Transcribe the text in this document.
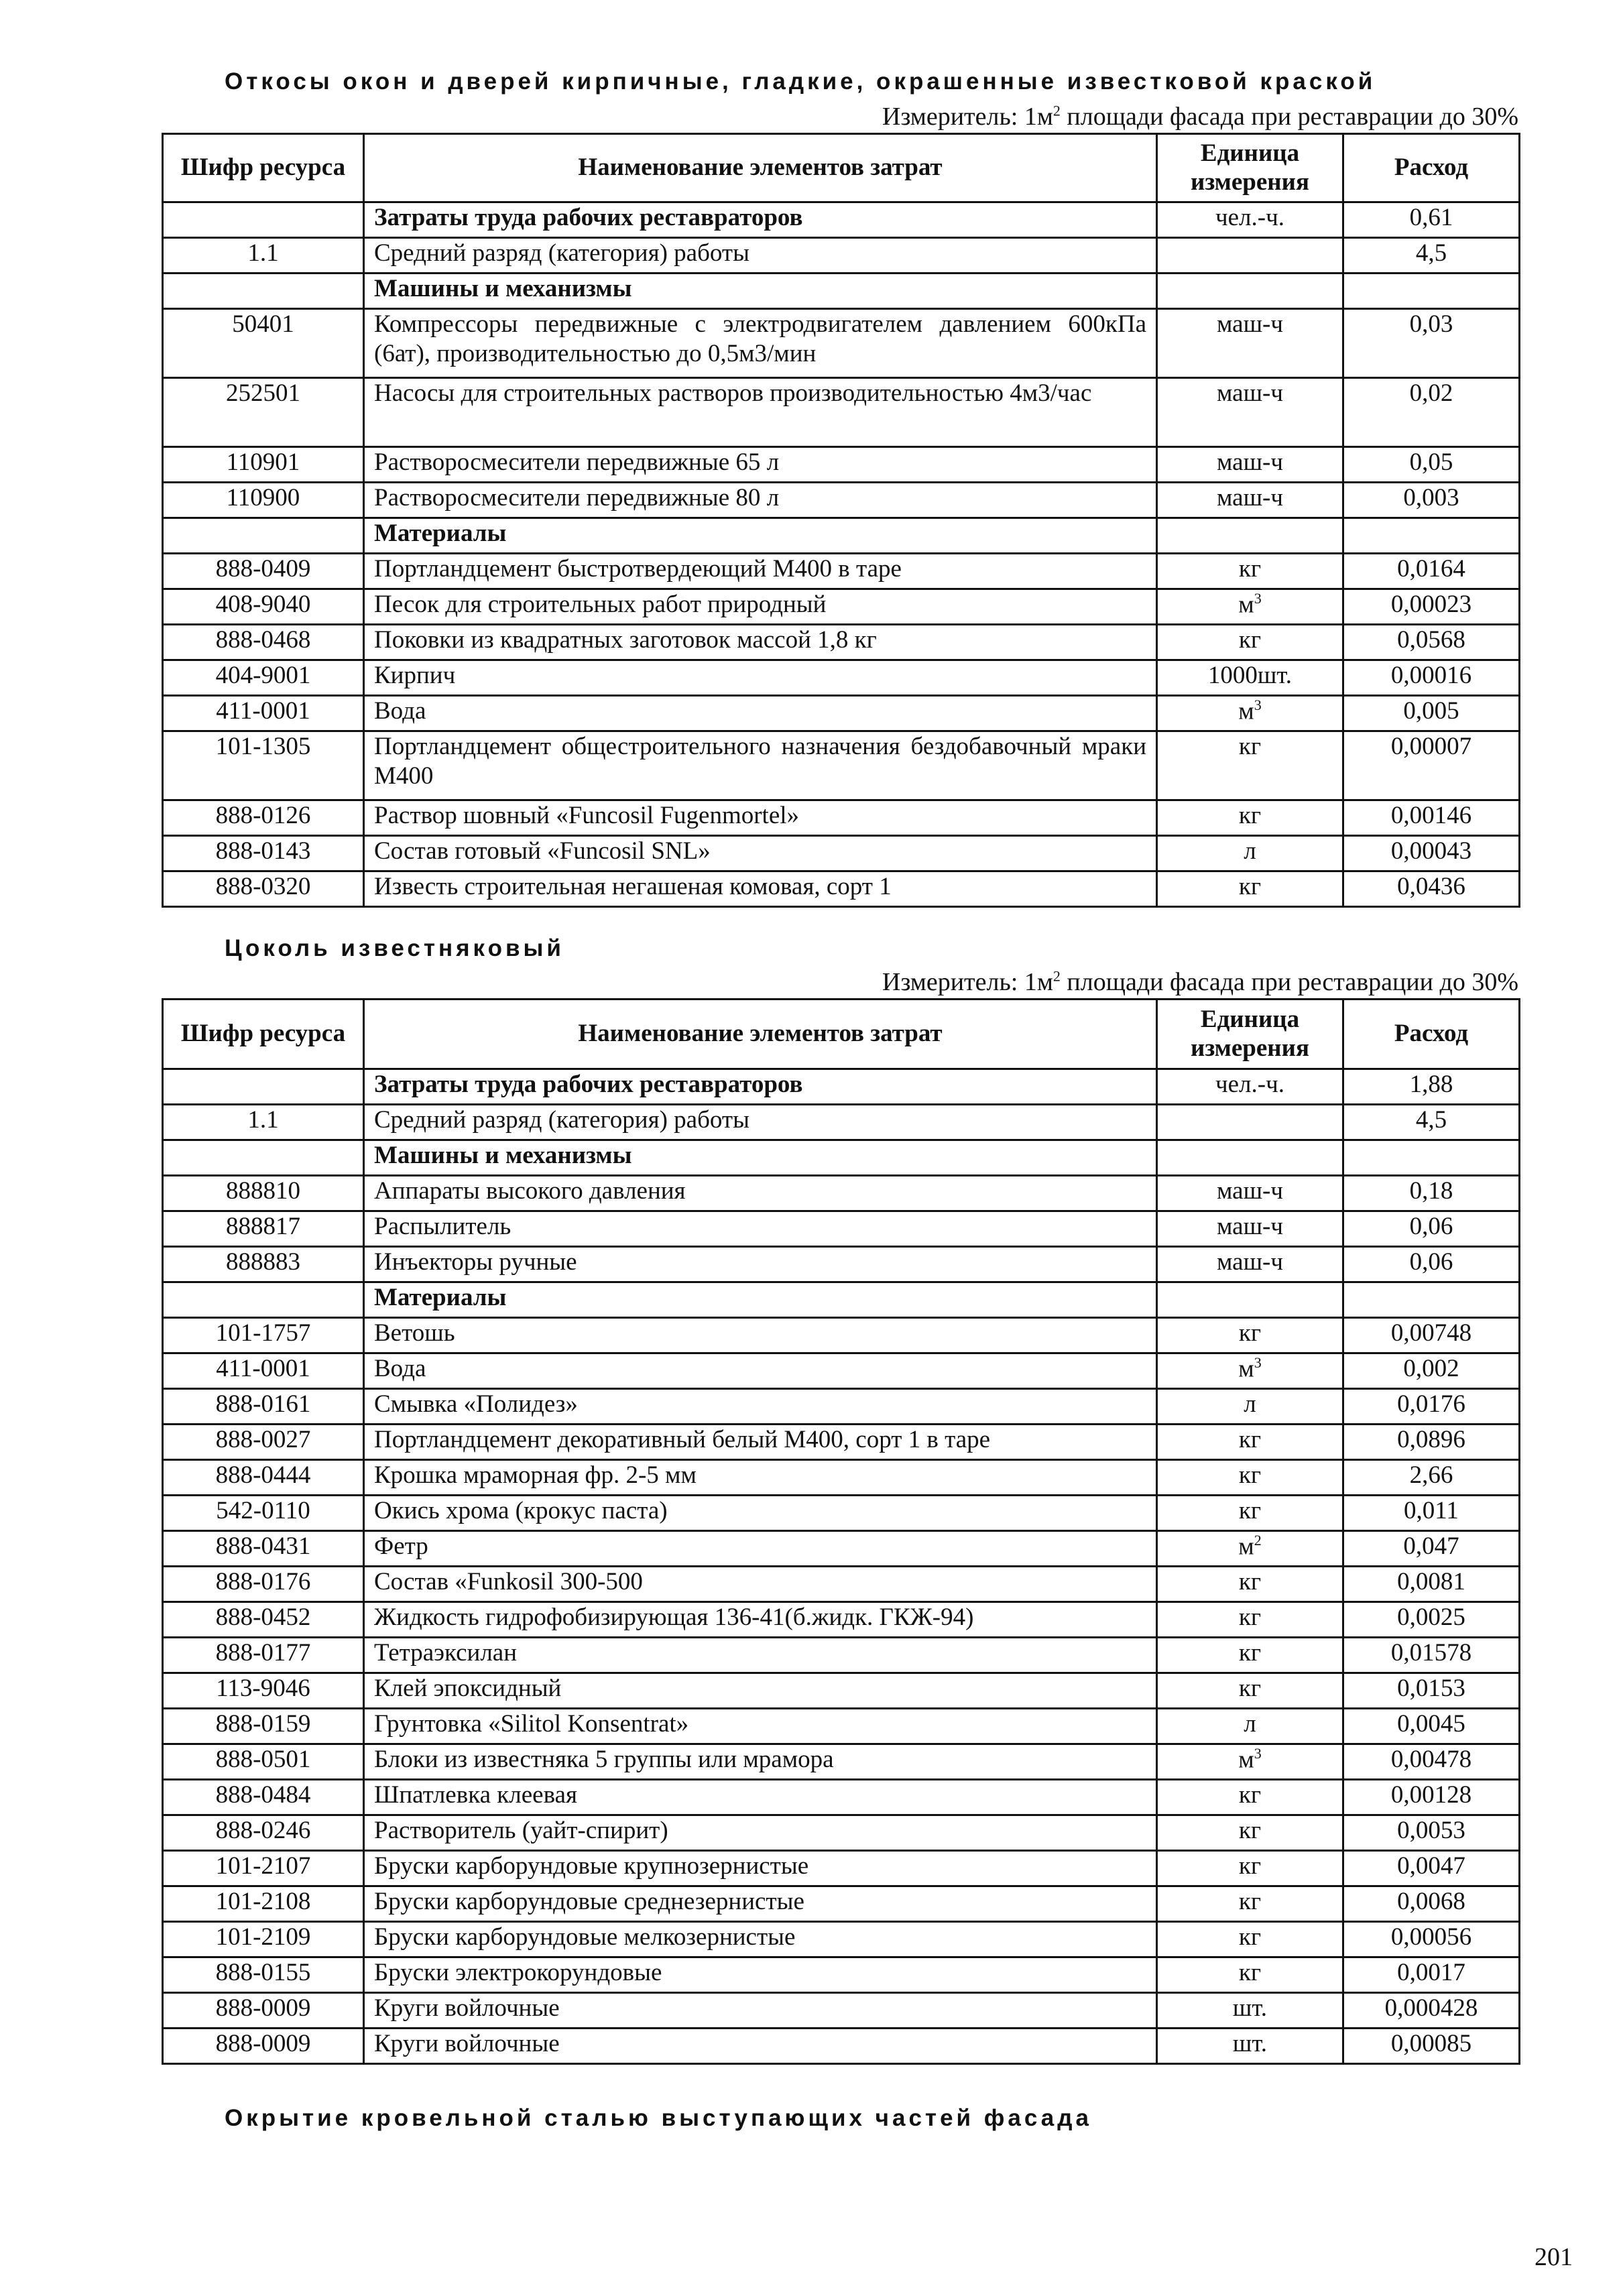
Откосы окон и дверей кирпичные, гладкие, окрашенные известковой краской
Измеритель: $1м^2$ площади фасада при реставрации до 30%
Шифр ресурса	Наименование элементов затрат	Единица измерения	Расход
	Затраты труда рабочих реставраторов	чел.-ч.	0,61
1.1	Средний разряд (категория) работы		4,5
	Машины и механизмы		
50401	Компрессоры передвижные с электродвигателем давлением 600кПа (6ат), производительностью до 0,5м3/мин	маш-ч	0,03
252501	Насосы для строительных растворов производительностью 4м3/час	маш-ч	0,02
110901	Растворосмесители передвижные 65 л	маш-ч	0,05
110900	Растворосмесители передвижные 80 л	маш-ч	0,003
	Материалы		
888-0409	Портландцемент быстротвердеющий М400 в таре	кг	0,0164
408-9040	Песок для строительных работ природный	$м^3$	0,00023
888-0468	Поковки из квадратных заготовок массой 1,8 кг	кг	0,0568
404-9001	Кирпич	1000шт.	0,00016
411-0001	Вода	$м^3$	0,005
101-1305	Портландцемент общестроительного назначения бездобавочный мраки М400	кг	0,00007
888-0126	Раствор шовный «Funcosil Fugenmortel»	кг	0,00146
888-0143	Состав готовый «Funcosil SNL»	л	0,00043
888-0320	Известь строительная негашеная комовая, сорт 1	кг	0,0436
Цоколь известняковый
Измеритель: $1м^2$ площади фасада при реставрации до 30%
Шифр ресурса	Наименование элементов затрат	Единица измерения	Расход
	Затраты труда рабочих реставраторов	чел.-ч.	1,88
1.1	Средний разряд (категория) работы		4,5
	Машины и механизмы		
888810	Аппараты высокого давления	маш-ч	0,18
888817	Распылитель	маш-ч	0,06
888883	Инъекторы ручные	маш-ч	0,06
	Материалы		
101-1757	Ветошь	кг	0,00748
411-0001	Вода	$м^3$	0,002
888-0161	Смывка «Полидез»	л	0,0176
888-0027	Портландцемент декоративный белый М400, сорт 1 в таре	кг	0,0896
888-0444	Крошка мраморная фр. 2-5 мм	кг	2,66
542-0110	Окись хрома (крокус паста)	кг	0,011
888-0431	Фетр	$м^2$	0,047
888-0176	Состав «Funkosil 300-500	кг	0,0081
888-0452	Жидкость гидрофобизирующая 136-41(б.жидк. ГКЖ-94)	кг	0,0025
888-0177	Тетраэксилан	кг	0,01578
113-9046	Клей эпоксидный	кг	0,0153
888-0159	Грунтовка «Silitol Konsentrat»	л	0,0045
888-0501	Блоки из известняка 5 группы или мрамора	$м^3$	0,00478
888-0484	Шпатлевка клеевая	кг	0,00128
888-0246	Растворитель (уайт-спирит)	кг	0,0053
101-2107	Бруски карборундовые крупнозернистые	кг	0,0047
101-2108	Бруски карборундовые среднезернистые	кг	0,0068
101-2109	Бруски карборундовые мелкозернистые	кг	0,00056
888-0155	Бруски электрокорундовые	кг	0,0017
888-0009	Круги войлочные	шт.	0,000428
888-0009	Круги войлочные	шт.	0,00085
Окрытие кровельной сталью выступающих частей фасада
201
